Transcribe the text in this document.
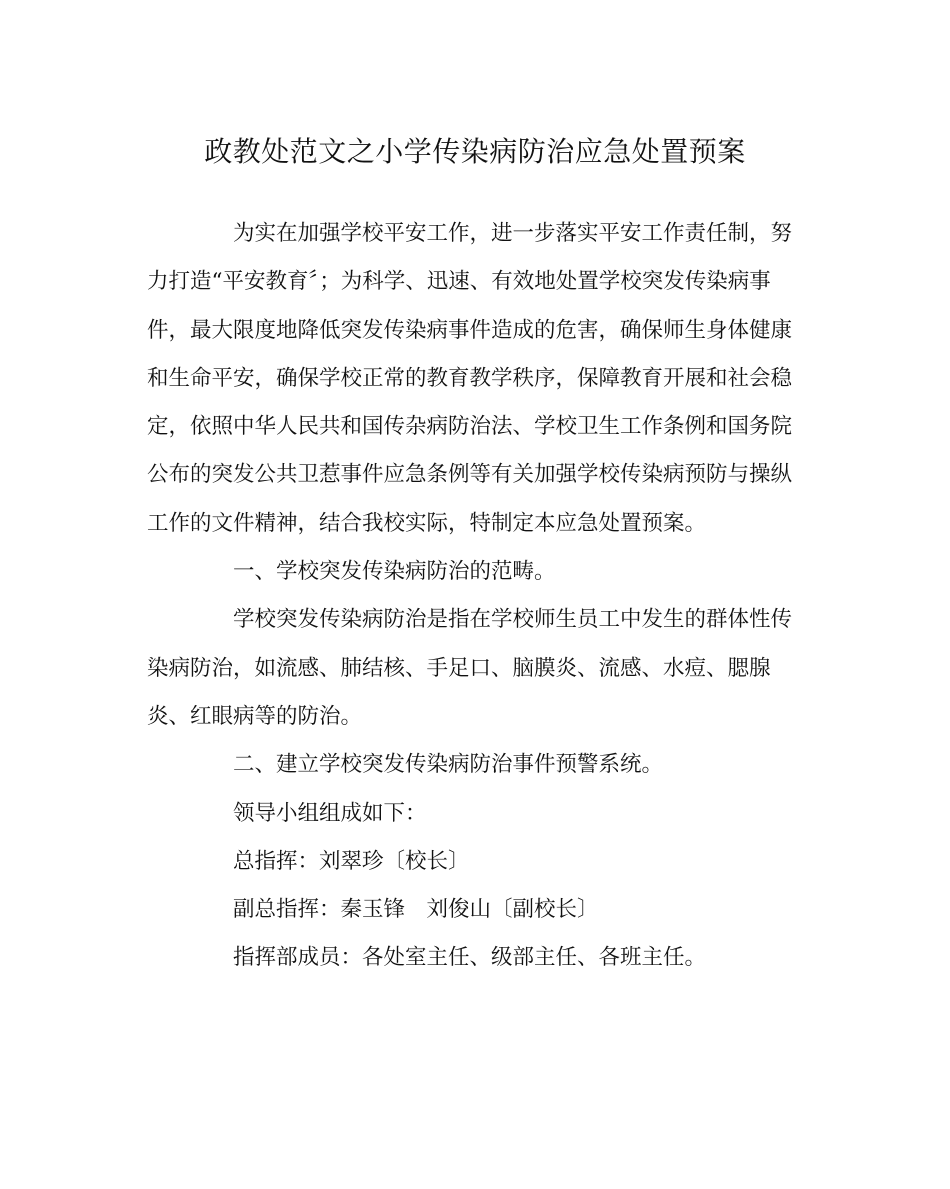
政教处范文之小学传染病防治应急处置预案
为实在加强学校平安工作，进一步落实平安工作责任制，努
力打造“平安教育〞；为科学、迅速、有效地处置学校突发传染病事
件，最大限度地降低突发传染病事件造成的危害，确保师生身体健康
和生命平安，确保学校正常的教育教学秩序，保障教育开展和社会稳
定，依照中华人民共和国传杂病防治法、学校卫生工作条例和国务院
公布的突发公共卫惹事件应急条例等有关加强学校传染病预防与操纵
工作的文件精神，结合我校实际，特制定本应急处置预案。
一、学校突发传染病防治的范畴。
学校突发传染病防治是指在学校师生员工中发生的群体性传
染病防治，如流感、肺结核、手足口、脑膜炎、流感、水痘、腮腺
炎、红眼病等的防治。
二、建立学校突发传染病防治事件预警系统。
领导小组组成如下：
总指挥：刘翠珍〔校长〕
副总指挥：秦玉锋　刘俊山〔副校长〕
指挥部成员：各处室主任、级部主任、各班主任。
